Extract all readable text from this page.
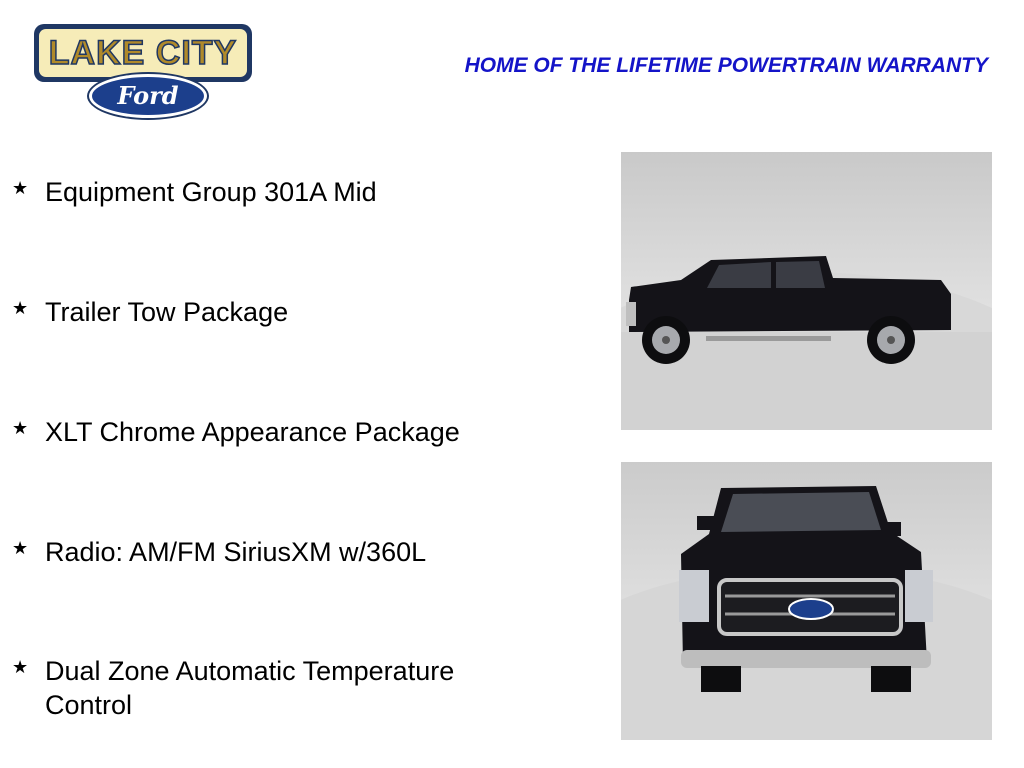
LAKE CITY
Ford
HOME OF THE LIFETIME POWERTRAIN WARRANTY
★ Equipment Group 301A Mid
★ Trailer Tow Package
★ XLT Chrome Appearance Package
★ Radio: AM/FM SiriusXM w/360L
★ Dual Zone Automatic Temperature Control
